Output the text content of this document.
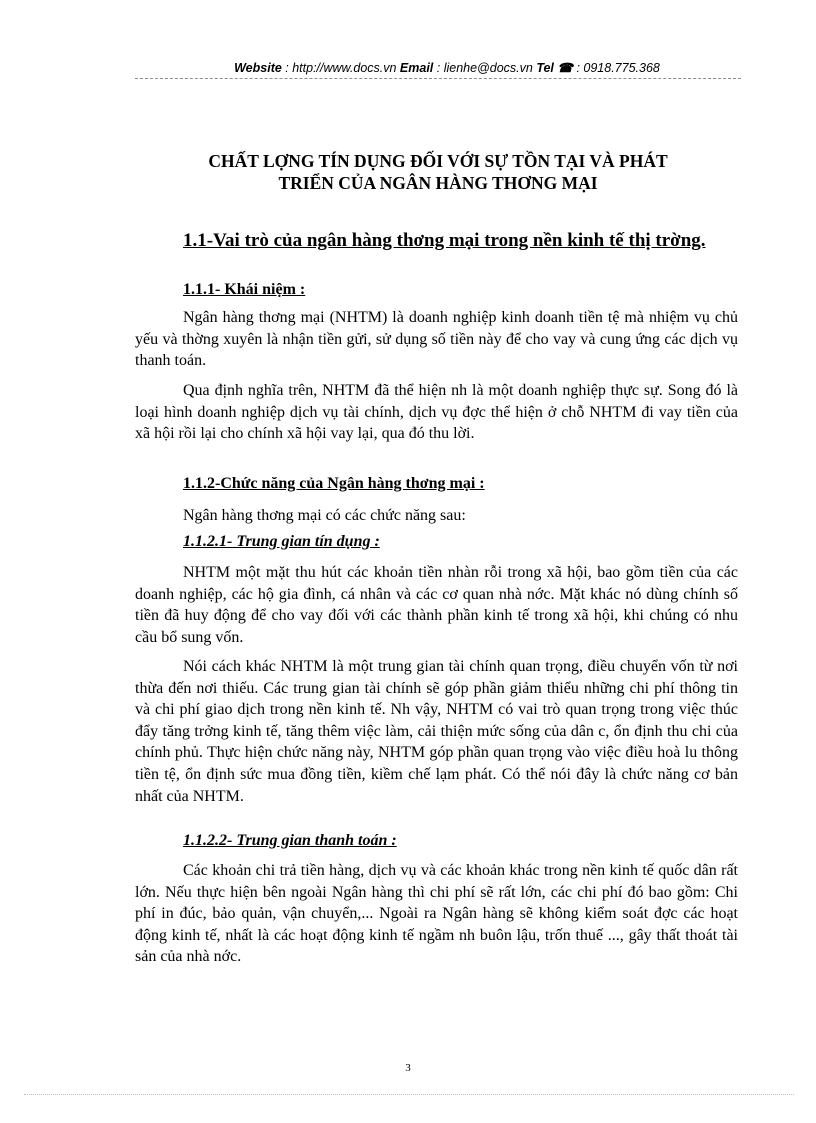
Website : http://www.docs.vn Email : lienhe@docs.vn Tel ☎ : 0918.775.368
CHẤT LỢNG TÍN DỤNG ĐỐI VỚI SỰ TỒN TẠI VÀ PHÁT
TRIỂN CỦA NGÂN HÀNG THƠNG MẠI
1.1-Vai trò của ngân hàng thơng mại trong nền kinh tế thị trờng.
1.1.1- Khái niệm :

Ngân hàng thơng mại (NHTM) là doanh nghiệp kinh doanh tiền tệ mà nhiệm vụ chủ yếu và thờng xuyên là nhận tiền gửi, sử dụng số tiền này để cho vay và cung ứng các dịch vụ thanh toán.

Qua định nghĩa trên, NHTM đã thể hiện nh là một doanh nghiệp thực sự. Song đó là loại hình doanh nghiệp dịch vụ tài chính, dịch vụ đợc thể hiện ở chỗ NHTM đi vay tiền của xã hội rồi lại cho chính xã hội vay lại, qua đó thu lời.

1.1.2-Chức năng của Ngân hàng thơng mại :

Ngân hàng thơng mại có các chức năng sau:

1.1.2.1- Trung gian tín dụng :

NHTM một mặt thu hút các khoản tiền nhàn rỗi trong xã hội, bao gồm tiền của các doanh nghiệp, các hộ gia đình, cá nhân và các cơ quan nhà nớc. Mặt khác nó dùng chính số tiền đã huy động để cho vay đối với các thành phần kinh tế trong xã hội, khi chúng có nhu cầu bổ sung vốn.

Nói cách khác NHTM là một trung gian tài chính quan trọng, điều chuyển vốn từ nơi thừa đến nơi thiếu. Các trung gian tài chính sẽ góp phần giảm thiểu những chi phí thông tin và chi phí giao dịch trong nền kinh tế. Nh vậy, NHTM có vai trò quan trọng trong việc thúc đẩy tăng trởng kinh tế, tăng thêm việc làm, cải thiện mức sống của dân c, ổn định thu chi của chính phủ. Thực hiện chức năng này, NHTM góp phần quan trọng vào việc điều hoà lu thông tiền tệ, ổn định sức mua đồng tiền, kiềm chế lạm phát. Có thể nói đây là chức năng cơ bản nhất của NHTM.

1.1.2.2- Trung gian thanh toán :

Các khoản chi trả tiền hàng, dịch vụ và các khoản khác trong nền kinh tế quốc dân rất lớn. Nếu thực hiện bên ngoài Ngân hàng thì chi phí sẽ rất lớn, các chi phí đó bao gồm: Chi phí in đúc, bảo quản, vận chuyển,... Ngoài ra Ngân hàng sẽ không kiểm soát đợc các hoạt động kinh tế, nhất là các hoạt động kinh tế ngầm nh buôn lậu, trốn thuế ..., gây thất thoát tài sản của nhà nớc.

3
